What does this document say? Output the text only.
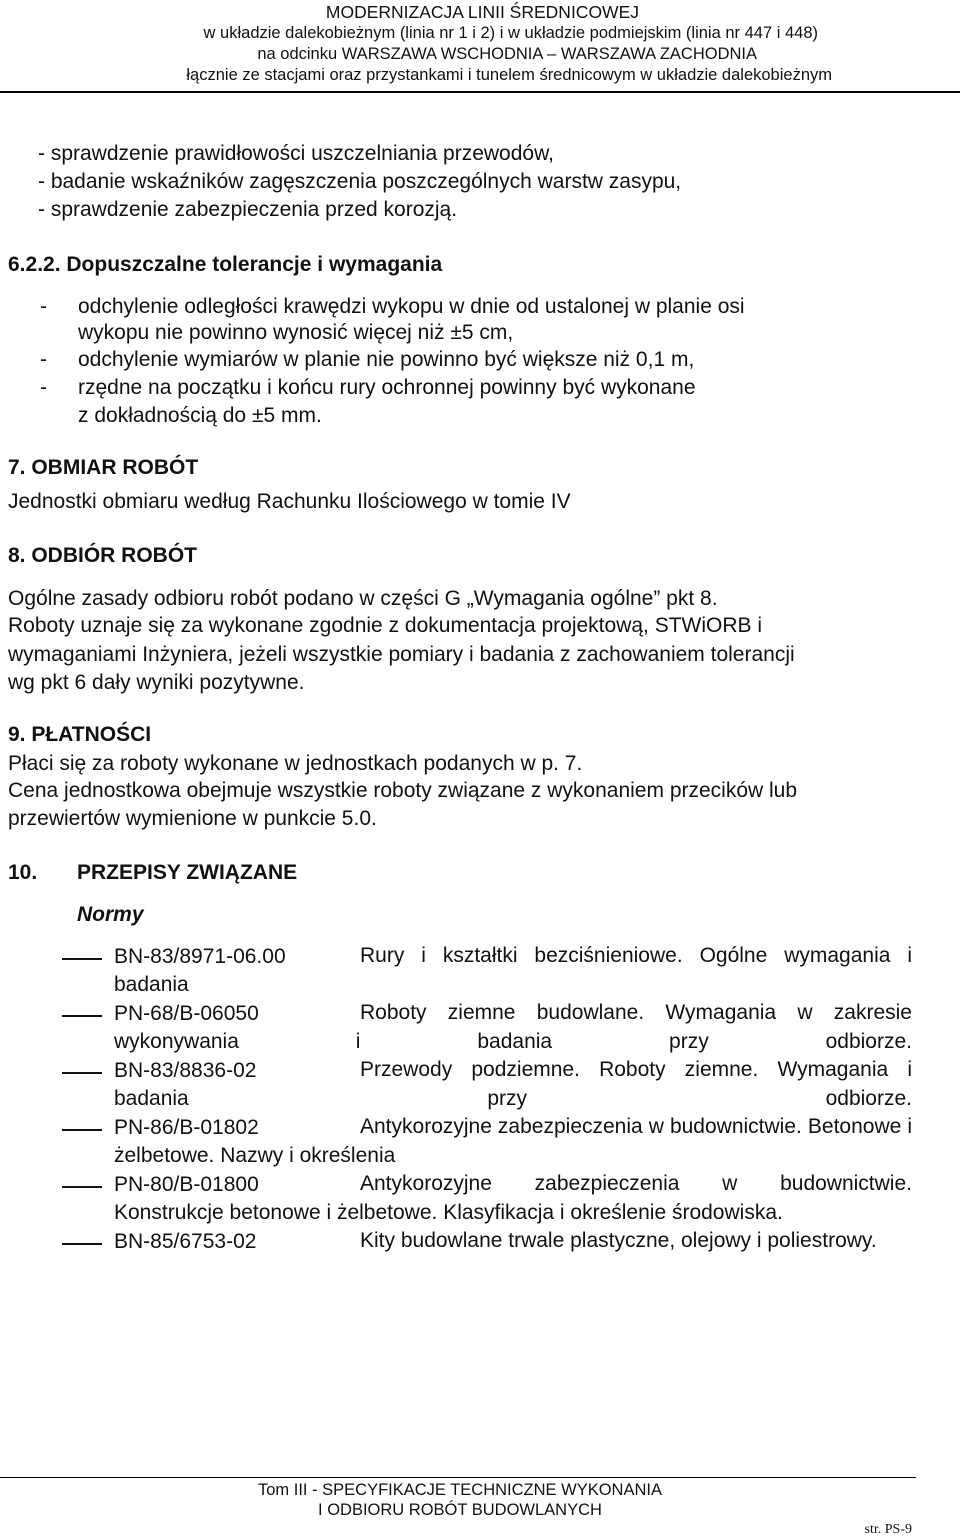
MODERNIZACJA LINII ŚREDNICOWEJ
w układzie dalekobieżnym (linia nr 1 i 2) i w układzie podmiejskim (linia nr 447 i 448)
na odcinku WARSZAWA WSCHODNIA – WARSZAWA ZACHODNIA
łącznie ze stacjami oraz przystankami i tunelem średnicowym w układzie dalekobieżnym
- sprawdzenie prawidłowości uszczelniania przewodów,
- badanie wskaźników zagęszczenia poszczególnych warstw zasypu,
- sprawdzenie zabezpieczenia przed korozją.
6.2.2. Dopuszczalne tolerancje i wymagania
- odchylenie odległości krawędzi wykopu w dnie od ustalonej w planie osi
wykopu nie powinno wynosić więcej niż ±5 cm,
- odchylenie wymiarów w planie nie powinno być większe niż 0,1 m,
- rzędne na początku i końcu rury ochronnej powinny być wykonane
z dokładnością do ±5 mm.
7. OBMIAR ROBÓT
Jednostki obmiaru według Rachunku Ilościowego w tomie IV
8. ODBIÓR ROBÓT
Ogólne zasady odbioru robót podano w części G „Wymagania ogólne” pkt 8.
Roboty uznaje się za wykonane zgodnie z dokumentacja projektową, STWiORB i
wymaganiami Inżyniera, jeżeli wszystkie pomiary i badania z zachowaniem tolerancji
wg pkt 6 dały wyniki pozytywne.
9. PŁATNOŚCI
Płaci się za roboty wykonane w jednostkach podanych w p. 7.
Cena jednostkowa obejmuje wszystkie roboty związane z wykonaniem przecików lub
przewiertów wymienione w punkcie 5.0.
10. PRZEPISY ZWIĄZANE
Normy
BN-83/8971-06.00	Rury i kształtki bezciśnieniowe. Ogólne wymagania i badania
PN-68/B-06050	Roboty ziemne budowlane. Wymagania w zakresie wykonywania i badania przy odbiorze.
BN-83/8836-02	Przewody podziemne. Roboty ziemne. Wymagania i badania przy odbiorze.
PN-86/B-01802	Antykorozyjne zabezpieczenia w budownictwie. Betonowe i żelbetowe. Nazwy i określenia
PN-80/B-01800	Antykorozyjne zabezpieczenia w budownictwie. Konstrukcje betonowe i żelbetowe. Klasyfikacja i określenie środowiska.
BN-85/6753-02	Kity budowlane trwale plastyczne, olejowy i poliestrowy.
Tom III - SPECYFIKACJE TECHNICZNE WYKONANIA
I ODBIORU ROBÓT BUDOWLANYCH
str. PS-9
